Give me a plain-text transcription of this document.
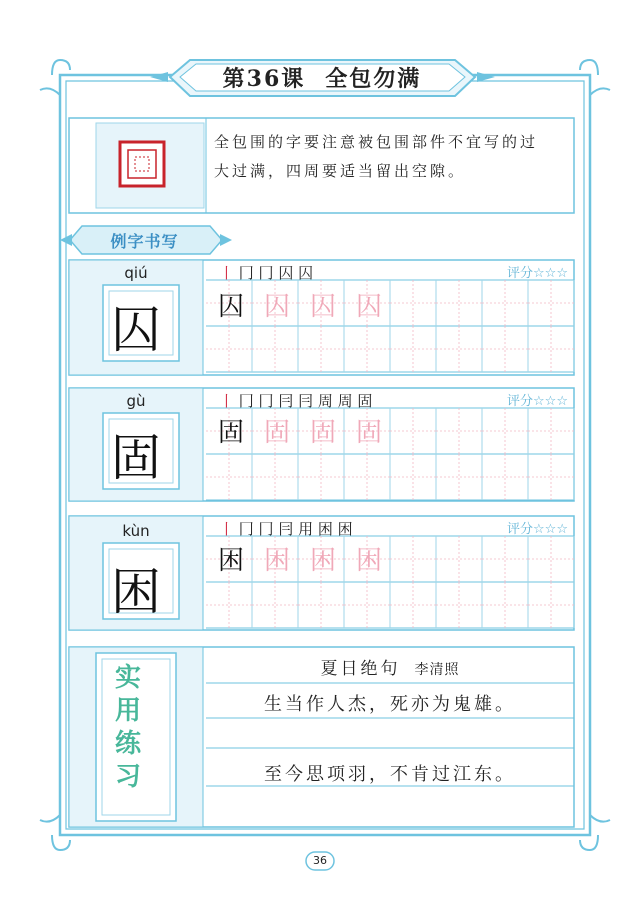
第36课 全包勿满
全包围的字要注意被包围部件不宜写的过
大过满，四周要适当留出空隙。
例字书写
qiú
囚
丨 冂 冂 囚 囚	评分☆☆☆
囚 囚 囚 囚
gù
固
丨 冂 冂 冃 冃 周 周 固	评分☆☆☆
固 固 固 固
kùn
困
丨 冂 冂 冃 用 困 困	评分☆☆☆
困 困 困 困
实
用
练
习
夏日绝句 李清照
生当作人杰，死亦为鬼雄。
至今思项羽，不肯过江东。
36
